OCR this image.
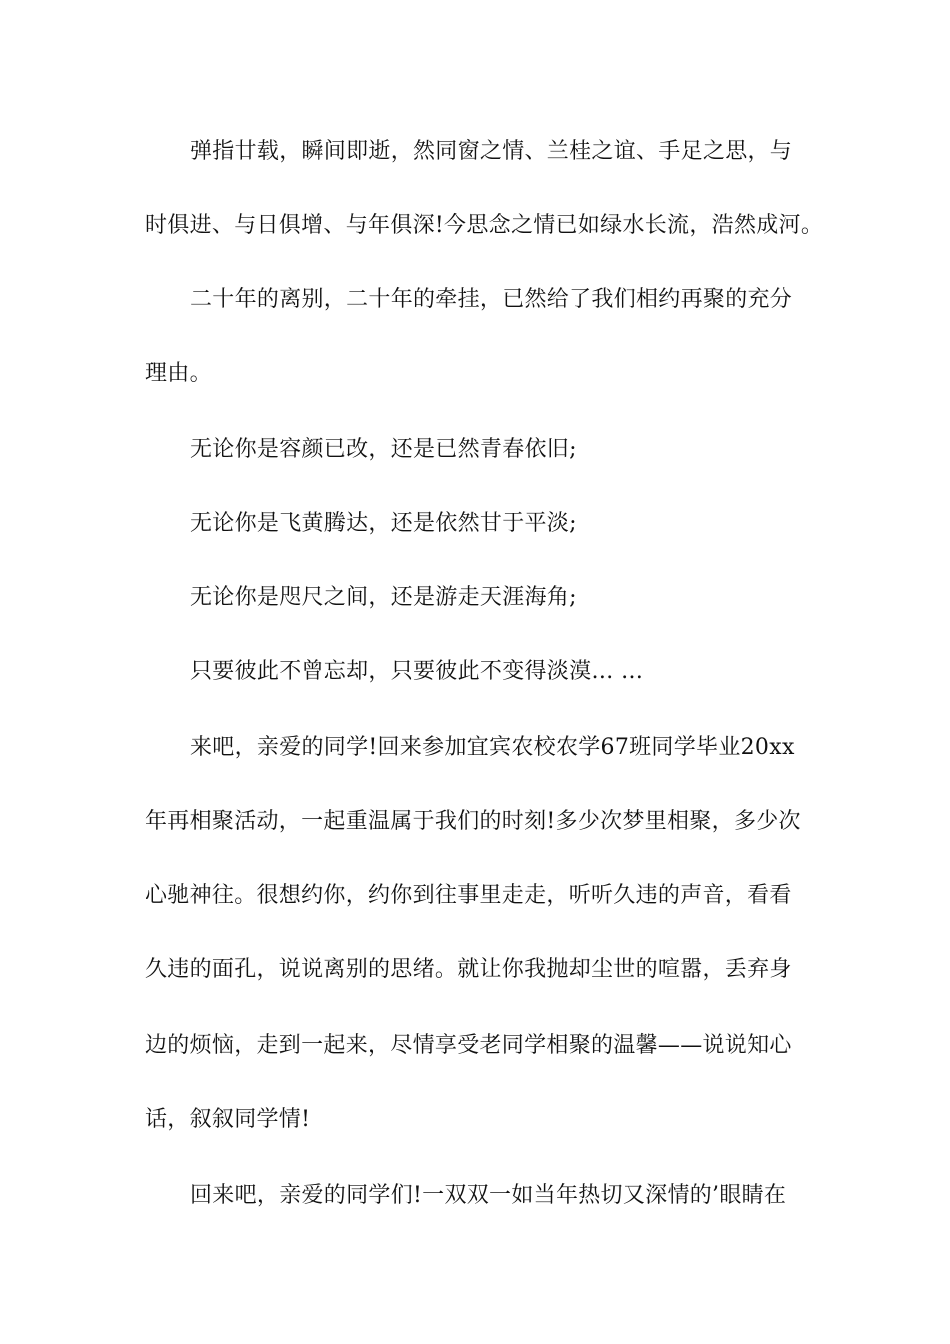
弹指廿载，瞬间即逝，然同窗之情、兰桂之谊、手足之思，与
时俱进、与日俱增、与年俱深!今思念之情已如绿水长流，浩然成河。
二十年的离别，二十年的牵挂，已然给了我们相约再聚的充分
理由。
无论你是容颜已改，还是已然青春依旧;
无论你是飞黄腾达，还是依然甘于平淡;
无论你是咫尺之间，还是游走天涯海角;
只要彼此不曾忘却，只要彼此不变得淡漠… …
来吧，亲爱的同学!回来参加宜宾农校农学67班同学毕业20xx
年再相聚活动，一起重温属于我们的时刻!多少次梦里相聚，多少次
心驰神往。很想约你，约你到往事里走走，听听久违的声音，看看
久违的面孔，说说离别的思绪。就让你我抛却尘世的喧嚣，丢弃身
边的烦恼，走到一起来，尽情享受老同学相聚的温馨——说说知心
话，叙叙同学情!
回来吧，亲爱的同学们!一双双一如当年热切又深情的’眼睛在
